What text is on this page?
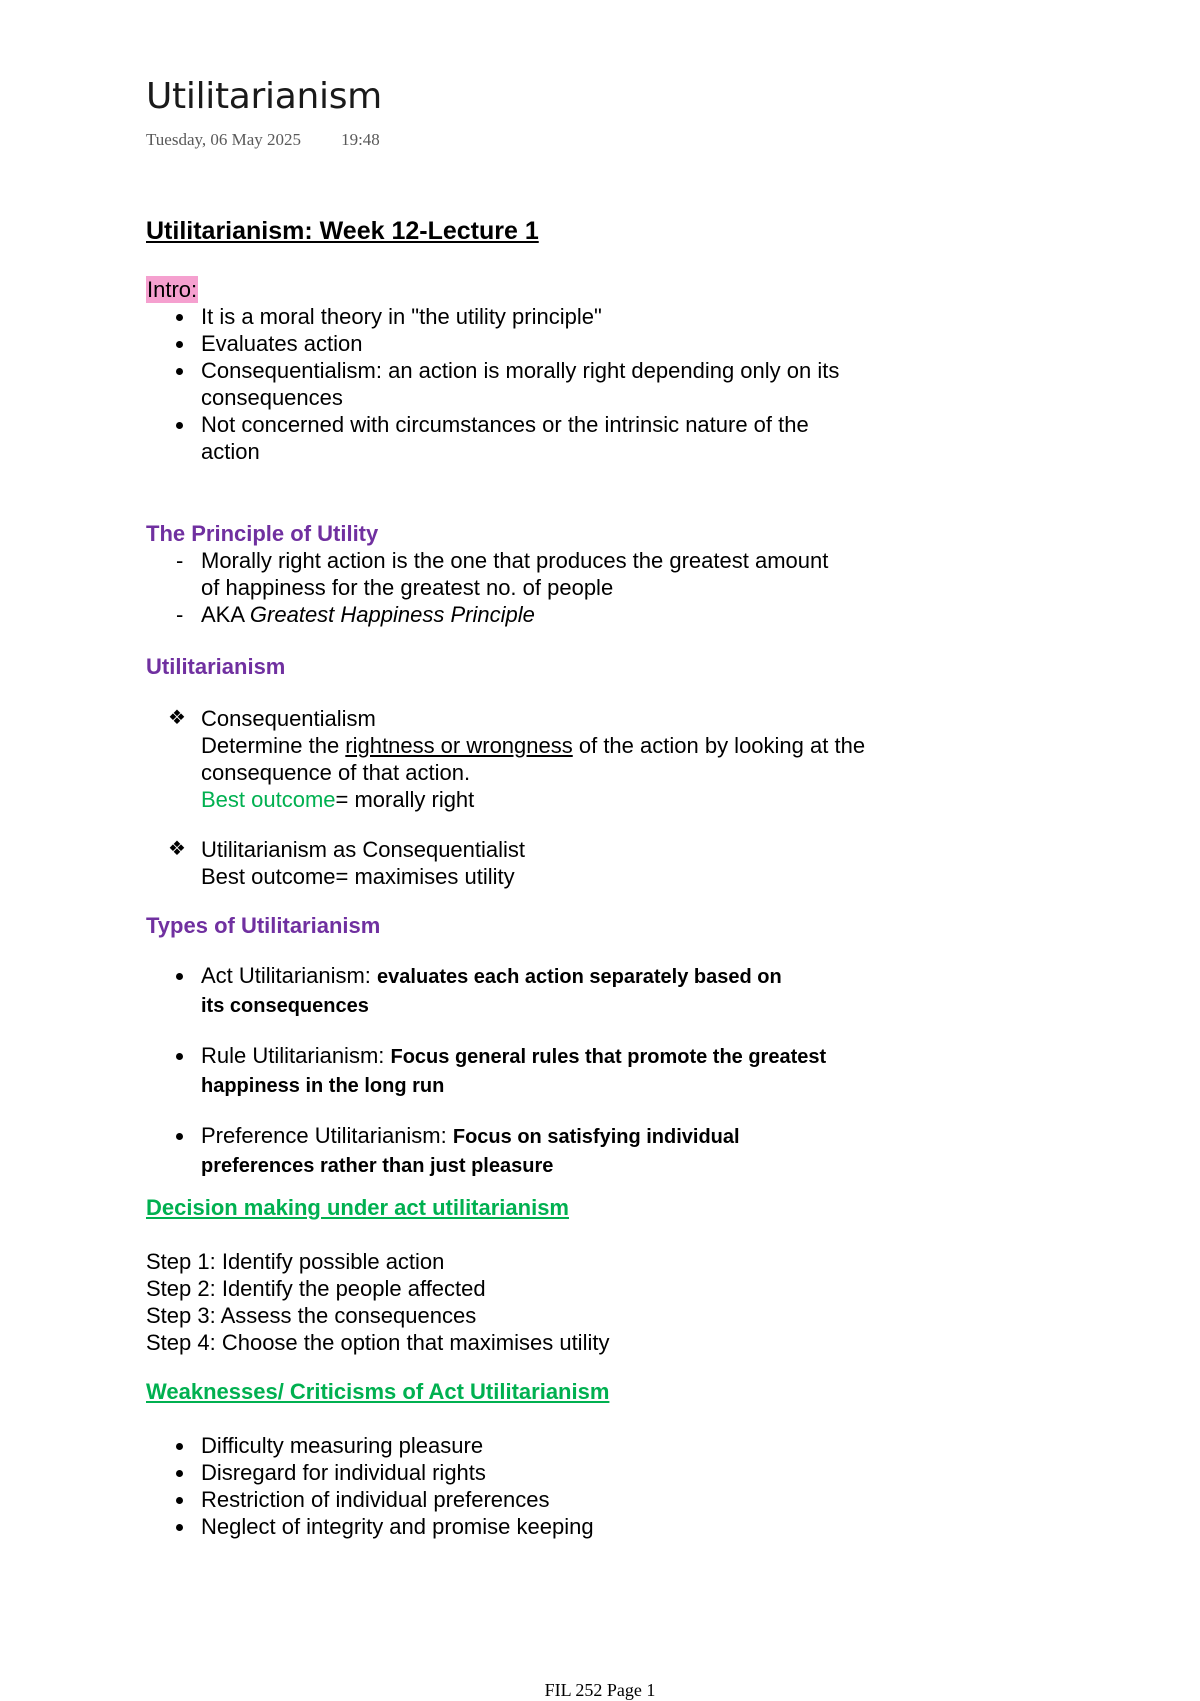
Utilitarianism
Tuesday, 06 May 2025 19:48
Utilitarianism: Week 12-Lecture 1
Intro:
It is a moral theory in "the utility principle"
Evaluates action
Consequentialism: an action is morally right depending only on its consequences
Not concerned with circumstances or the intrinsic nature of the action
The Principle of Utility
- Morally right action is the one that produces the greatest amount of happiness for the greatest no. of people
- AKA Greatest Happiness Principle
Utilitarianism
❖ Consequentialism
Determine the rightness or wrongness of the action by looking at the consequence of that action.
Best outcome= morally right
❖ Utilitarianism as Consequentialist
Best outcome= maximises utility
Types of Utilitarianism
Act Utilitarianism: evaluates each action separately based on its consequences
Rule Utilitarianism: Focus general rules that promote the greatest happiness in the long run
Preference Utilitarianism: Focus on satisfying individual preferences rather than just pleasure
Decision making under act utilitarianism
Step 1: Identify possible action
Step 2: Identify the people affected
Step 3: Assess the consequences
Step 4: Choose the option that maximises utility
Weaknesses/ Criticisms of Act Utilitarianism
Difficulty measuring pleasure
Disregard for individual rights
Restriction of individual preferences
Neglect of integrity and promise keeping
FIL 252 Page 1
